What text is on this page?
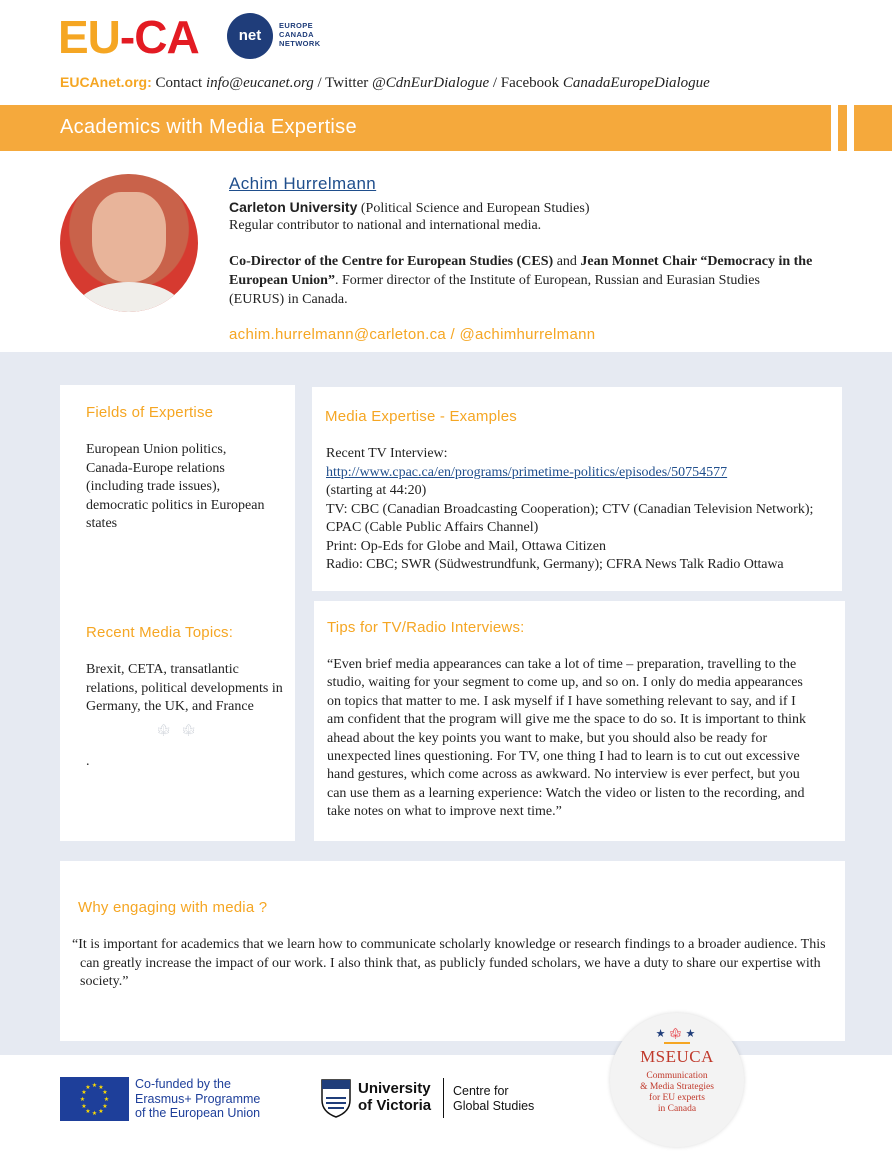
EU-CA	net
EUROPE
CANADA
NETWORK
EUCAnet.org: Contact info@eucanet.org / Twitter @CdnEurDialogue / Facebook CanadaEuropeDialogue
Academics with Media Expertise
Achim Hurrelmann
Carleton University (Political Science and European Studies)
Regular contributor to national and international media.
Co-Director of the Centre for European Studies (CES) and Jean Monnet Chair “Democracy in the European Union”. Former director of the Institute of European, Russian and Eurasian Studies (EURUS) in Canada.
achim.hurrelmann@carleton.ca / @achimhurrelmann
Fields of Expertise
European Union politics, Canada-Europe relations (including trade issues), democratic politics in European states
Recent Media Topics:
Brexit, CETA, transatlantic relations, political developments in Germany, the UK, and France
🍁︎ 🍁︎
.
Media Expertise - Examples
Recent TV Interview:
http://www.cpac.ca/en/programs/primetime-politics/episodes/50754577
(starting at 44:20)
TV: CBC (Canadian Broadcasting Cooperation); CTV (Canadian Television Network); CPAC (Cable Public Affairs Channel)
Print: Op-Eds for Globe and Mail, Ottawa Citizen
Radio: CBC; SWR (Südwestrundfunk, Germany); CFRA News Talk Radio Ottawa
Tips for TV/Radio Interviews:
“Even brief media appearances can take a lot of time – preparation, travelling to the studio, waiting for your segment to come up, and so on. I only do media appearances on topics that matter to me. I ask myself if I have something relevant to say, and if I am confident that the program will give me the space to do so. It is important to think ahead about the key points you want to make, but you should also be ready for unexpected lines questioning. For TV, one thing I had to learn is to cut out excessive hand gestures, which come across as awkward. No interview is ever perfect, but you can use them as a learning experience: Watch the video or listen to the recording, and take notes on what to improve next time.”
Why engaging with media ?
“It is important for academics that we learn how to communicate scholarly knowledge or research findings to a broader audience. This can greatly increase the impact of our work. I also think that, as publicly funded scholars, we have a duty to share our expertise with society.”
★ ★
★
★
★
★
★
★
★
★
★
★	Co-funded by the
Erasmus+ Programme
of the European Union
University
of Victoria
Centre for
Global Studies
★🍁︎★
MSEUCA
Communication
& Media Strategies
for EU experts
in Canada
